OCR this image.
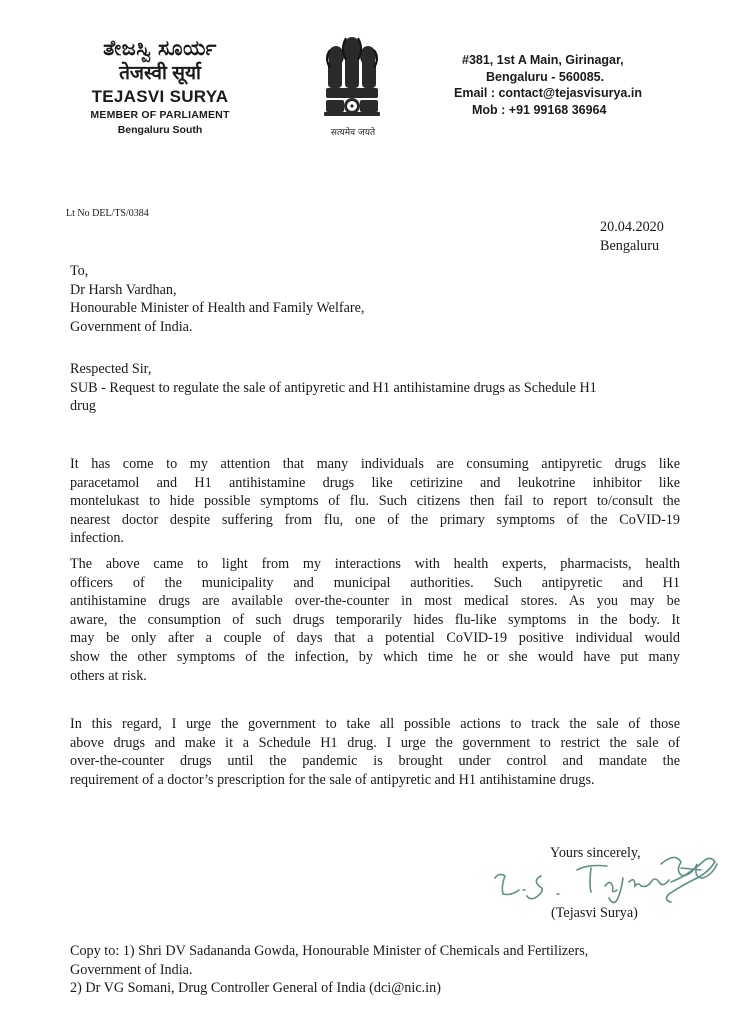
ತೇಜಸ್ವಿ ಸೂರ್ಯ
तेजस्वी सूर्या
TEJASVI SURYA
MEMBER OF PARLIAMENT
Bengaluru South	सत्यमेव जयते
#381, 1st A Main, Girinagar,
Bengaluru - 560085.
Email : contact@tejasvisurya.in
Mob : +91 99168 36964
Lt No DEL/TS/0384
20.04.2020
Bengaluru
To,
Dr Harsh Vardhan,
Honourable Minister of Health and Family Welfare,
Government of India.
Respected Sir,
SUB - Request to regulate the sale of antipyretic and H1 antihistamine drugs as Schedule H1
drug
It has come to my attention that many individuals are consuming antipyretic drugs like
paracetamol and H1 antihistamine drugs like cetirizine and leukotrine inhibitor like
montelukast to hide possible symptoms of flu. Such citizens then fail to report to/consult the
nearest doctor despite suffering from flu, one of the primary symptoms of the CoVID-19
infection.
The above came to light from my interactions with health experts, pharmacists, health
officers of the municipality and municipal authorities. Such antipyretic and H1
antihistamine drugs are available over-the-counter in most medical stores. As you may be
aware, the consumption of such drugs temporarily hides flu-like symptoms in the body. It
may be only after a couple of days that a potential CoVID-19 positive individual would
show the other symptoms of the infection, by which time he or she would have put many
others at risk.
In this regard, I urge the government to take all possible actions to track the sale of those
above drugs and make it a Schedule H1 drug. I urge the government to restrict the sale of
over-the-counter drugs until the pandemic is brought under control and mandate the
requirement of a doctor’s prescription for the sale of antipyretic and H1 antihistamine drugs.
Yours sincerely,
(Tejasvi Surya)
Copy to: 1) Shri DV Sadananda Gowda, Honourable Minister of Chemicals and Fertilizers,
Government of India.
2) Dr VG Somani, Drug Controller General of India (dci@nic.in)
